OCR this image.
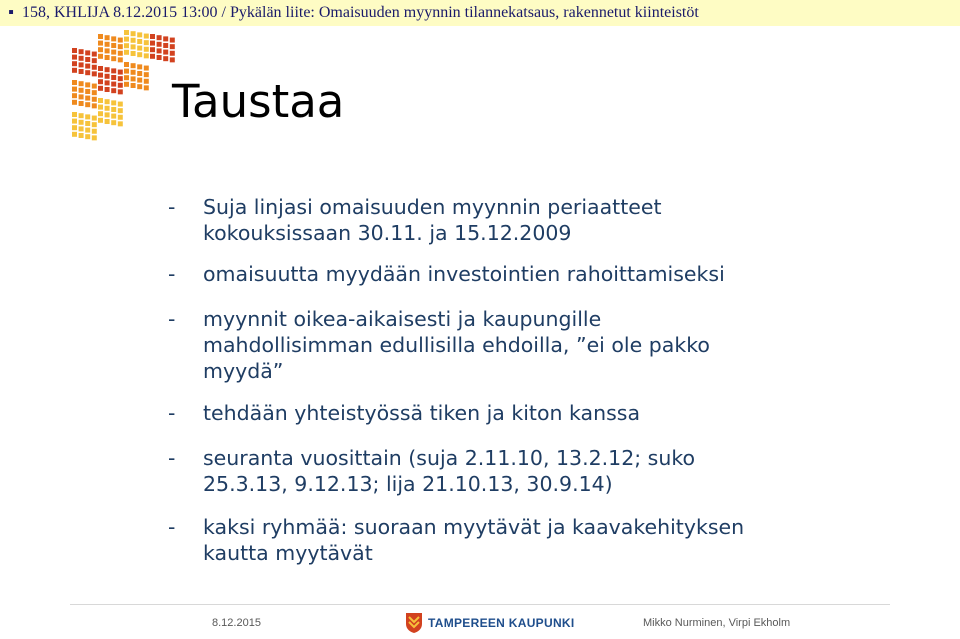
▪ 158, KHLIJA 8.12.2015 13:00 / Pykälän liite: Omaisuuden myynnin tilannekatsaus, rakennetut kiinteistöt
Taustaa
-	Suja linjasi omaisuuden myynnin periaatteet
kokouksissaan 30.11. ja 15.12.2009
-	omaisuutta myydään investointien rahoittamiseksi
-	myynnit oikea-aikaisesti ja kaupungille
mahdollisimman edullisilla ehdoilla, ”ei ole pakko
myydä”
-	tehdään yhteistyössä tiken ja kiton kanssa
-	seuranta vuosittain (suja 2.11.10, 13.2.12; suko
25.3.13, 9.12.13; lija 21.10.13, 30.9.14)
-	kaksi ryhmää: suoraan myytävät ja kaavakehityksen
kautta myytävät
8.12.2015	TAMPEREEN KAUPUNKI	Mikko Nurminen, Virpi Ekholm
